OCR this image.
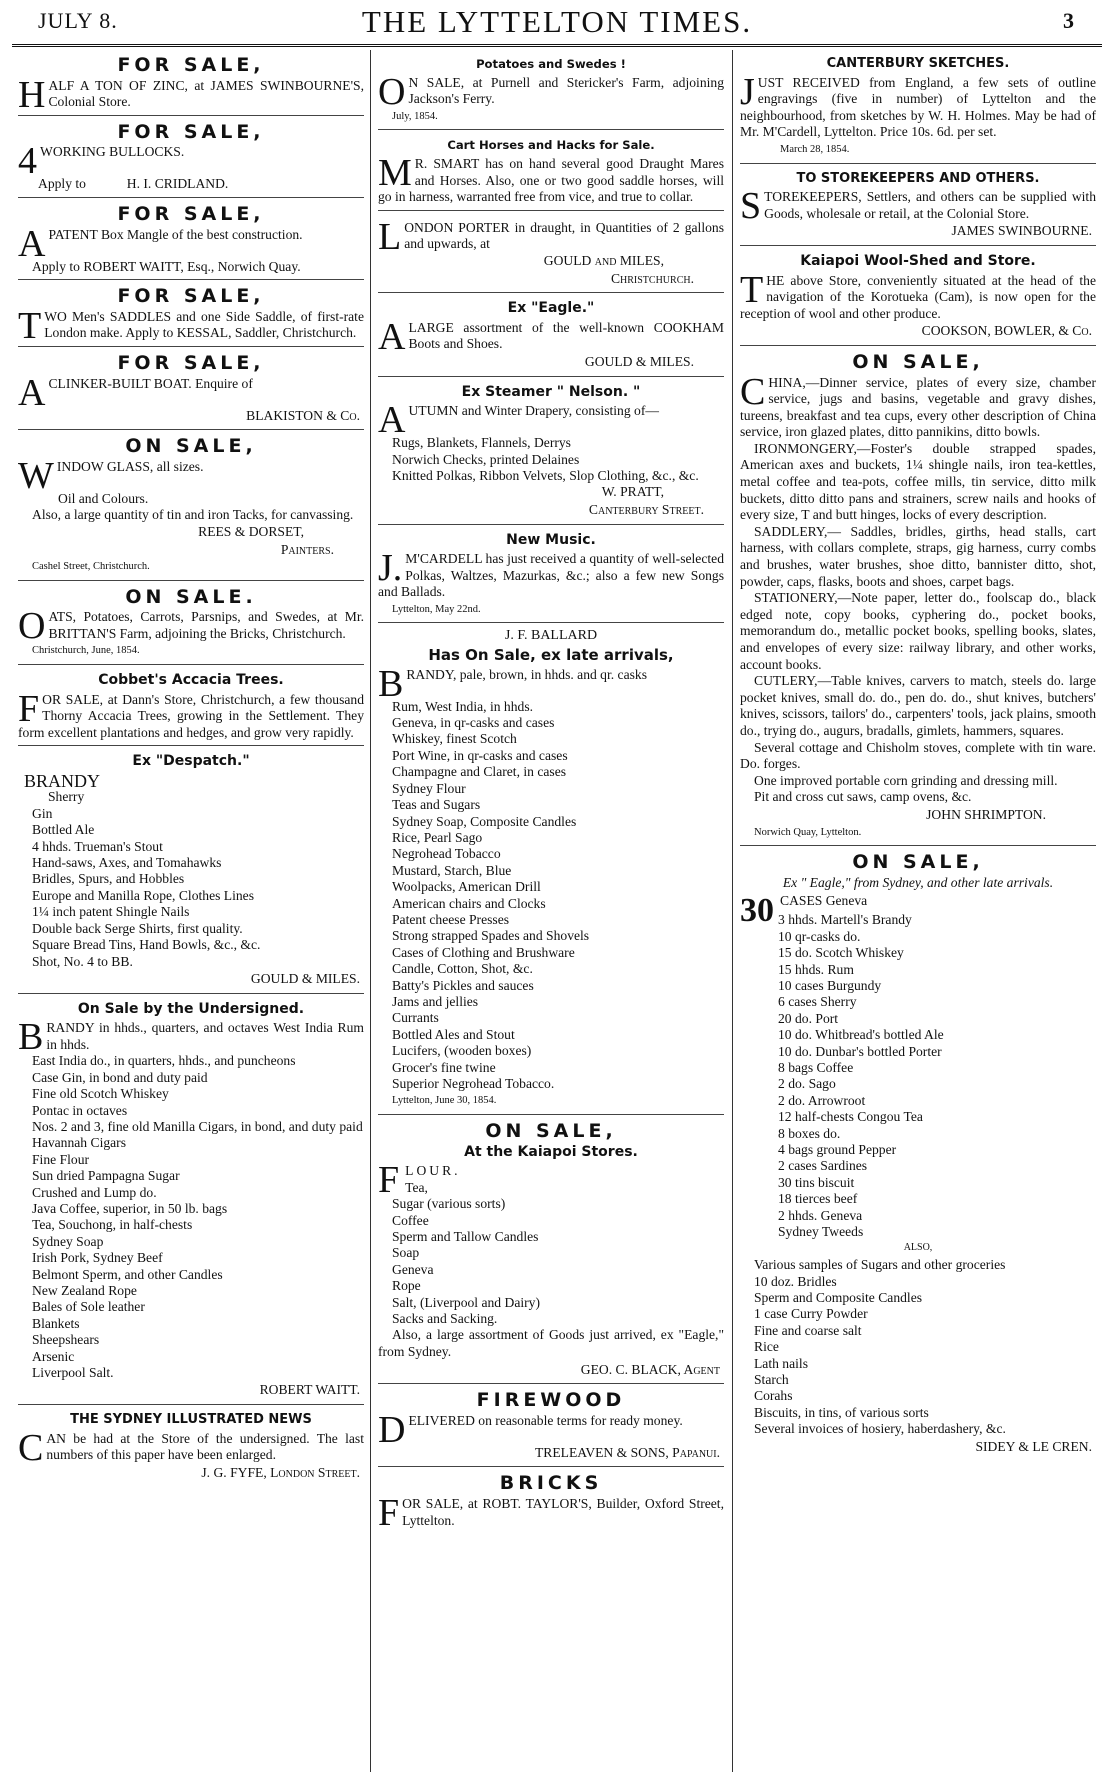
JULY 8.	THE LYTTELTON TIMES.	3
FOR SALE,

HALF A TON OF ZINC, at JAMES SWINBOURNE'S, Colonial Store.

FOR SALE,

4WORKING BULLOCKS.

Apply to	H. I. CRIDLAND.
FOR SALE,

APATENT Box Mangle of the best construction.

Apply to ROBERT WAITT, Esq., Norwich Quay.

FOR SALE,

TWO Men's SADDLES and one Side Saddle, of first-rate London make. Apply to KESSAL, Saddler, Christchurch.

FOR SALE,

ACLINKER-BUILT BOAT. Enquire of

BLAKISTON & Co.
ON SALE,

WINDOW GLASS, all sizes.

Oil and Colours.

Also, a large quantity of tin and iron Tacks, for canvassing.

REES & DORSET,
Painters.
Cashel Street, Christchurch.
ON SALE.

OATS, Potatoes, Carrots, Parsnips, and Swedes, at Mr. BRITTAN'S Farm, adjoining the Bricks, Christchurch.

Christchurch, June, 1854.
Cobbet's Accacia Trees.

FOR SALE, at Dann's Store, Christchurch, a few thousand Thorny Accacia Trees, growing in the Settlement. They form excellent plantations and hedges, and grow very rapidly.

Ex "Despatch."
BRANDY
Sherry
Gin
Bottled Ale
4 hhds. Trueman's Stout
Hand-saws, Axes, and Tomahawks
Bridles, Spurs, and Hobbles
Europe and Manilla Rope, Clothes Lines
1¼ inch patent Shingle Nails
Double back Serge Shirts, first quality.
Square Bread Tins, Hand Bowls, &c., &c.
Shot, No. 4 to BB.
GOULD & MILES.
On Sale by the Undersigned.

BRANDY in hhds., quarters, and octaves West India Rum in hhds.

East India do., in quarters, hhds., and puncheons
Case Gin, in bond and duty paid
Fine old Scotch Whiskey
Pontac in octaves
Nos. 2 and 3, fine old Manilla Cigars, in bond, and duty paid
Havannah Cigars
Fine Flour
Sun dried Pampagna Sugar
Crushed and Lump do.
Java Coffee, superior, in 50 lb. bags
Tea, Souchong, in half-chests
Sydney Soap
Irish Pork, Sydney Beef
Belmont Sperm, and other Candles
New Zealand Rope
Bales of Sole leather
Blankets
Sheepshears
Arsenic
Liverpool Salt.
ROBERT WAITT.
THE SYDNEY ILLUSTRATED NEWS

CAN be had at the Store of the undersigned. The last numbers of this paper have been enlarged.

J. G. FYFE, London Street.
Potatoes and Swedes !

ON SALE, at Purnell and Stericker's Farm, adjoining Jackson's Ferry.

July, 1854.
Cart Horses and Hacks for Sale.

MR. SMART has on hand several good Draught Mares and Horses. Also, one or two good saddle horses, will go in harness, warranted free from vice, and true to collar.

LONDON PORTER in draught, in Quantities of 2 gallons and upwards, at

GOULD and MILES,
Christchurch.
Ex "Eagle."

ALARGE assortment of the well-known COOKHAM Boots and Shoes.

GOULD & MILES.
Ex Steamer " Nelson. "

AUTUMN and Winter Drapery, consisting of—

Rugs, Blankets, Flannels, Derrys
Norwich Checks, printed Delaines
Knitted Polkas, Ribbon Velvets, Slop Clothing, &c., &c.
W. PRATT,
Canterbury Street.
New Music.

J.M'CARDELL has just received a quantity of well-selected Polkas, Waltzes, Mazurkas, &c.; also a few new Songs and Ballads.

Lyttelton, May 22nd.
J. F. BALLARD
Has On Sale, ex late arrivals,

BRANDY, pale, brown, in hhds. and qr. casks

Rum, West India, in hhds.
Geneva, in qr-casks and cases
Whiskey, finest Scotch
Port Wine, in qr-casks and cases
Champagne and Claret, in cases
Sydney Flour
Teas and Sugars
Sydney Soap, Composite Candles
Rice, Pearl Sago
Negrohead Tobacco
Mustard, Starch, Blue
Woolpacks, American Drill
American chairs and Clocks
Patent cheese Presses
Strong strapped Spades and Shovels
Cases of Clothing and Brushware
Candle, Cotton, Shot, &c.
Batty's Pickles and sauces
Jams and jellies
Currants
Bottled Ales and Stout
Lucifers, (wooden boxes)
Grocer's fine twine
Superior Negrohead Tobacco.
Lyttelton, June 30, 1854.
ON SALE,
At the Kaiapoi Stores.

FLOUR.

Tea,
Sugar (various sorts)
Coffee
Sperm and Tallow Candles
Soap
Geneva
Rope
Salt, (Liverpool and Dairy)
Sacks and Sacking.

Also, a large assortment of Goods just arrived, ex "Eagle," from Sydney.

GEO. C. BLACK, Agent
FIREWOOD

DELIVERED on reasonable terms for ready money.

TRELEAVEN & SONS, Papanui.
BRICKS

FOR SALE, at ROBT. TAYLOR'S, Builder, Oxford Street, Lyttelton.

CANTERBURY SKETCHES.

JUST RECEIVED from England, a few sets of outline engravings (five in number) of Lyttelton and the neighbourhood, from sketches by W. H. Holmes. May be had of Mr. M'Cardell, Lyttelton. Price 10s. 6d. per set.

March 28, 1854.
TO STOREKEEPERS AND OTHERS.

STOREKEEPERS, Settlers, and others can be supplied with Goods, wholesale or retail, at the Colonial Store.

JAMES SWINBOURNE.
Kaiapoi Wool-Shed and Store.

THE above Store, conveniently situated at the head of the navigation of the Korotueka (Cam), is now open for the reception of wool and other produce.

COOKSON, BOWLER, & Co.
ON SALE,

CHINA,—Dinner service, plates of every size, chamber service, jugs and basins, vegetable and gravy dishes, tureens, breakfast and tea cups, every other description of China service, iron glazed plates, ditto pannikins, ditto bowls.

IRONMONGERY,—Foster's double strapped spades, American axes and buckets, 1¼ shingle nails, iron tea-kettles, metal coffee and tea-pots, coffee mills, tin service, ditto milk buckets, ditto ditto pans and strainers, screw nails and hooks of every size, T and butt hinges, locks of every description.

SADDLERY,— Saddles, bridles, girths, head stalls, cart harness, with collars complete, straps, gig harness, curry combs and brushes, water brushes, shoe ditto, bannister ditto, shot, powder, caps, flasks, boots and shoes, carpet bags.

STATIONERY,—Note paper, letter do., foolscap do., black edged note, copy books, cyphering do., pocket books, memorandum do., metallic pocket books, spelling books, slates, and envelopes of every size: railway library, and other works, account books.

CUTLERY,—Table knives, carvers to match, steels do. large pocket knives, small do. do., pen do. do., shut knives, butchers' knives, scissors, tailors' do., carpenters' tools, jack plains, smooth do., trying do., augurs, bradalls, gimlets, hammers, squares.

Several cottage and Chisholm stoves, complete with tin ware. Do. forges.

One improved portable corn grinding and dressing mill.

Pit and cross cut saws, camp ovens, &c.

JOHN SHRIMPTON.
Norwich Quay, Lyttelton.
ON SALE,
Ex " Eagle," from Sydney, and other late arrivals.
30 CASES Geneva
3 hhds. Martell's Brandy
10 qr-casks do.
15 do. Scotch Whiskey
15 hhds. Rum
10 cases Burgundy
6 cases Sherry
20 do. Port
10 do. Whitbread's bottled Ale
10 do. Dunbar's bottled Porter
8 bags Coffee
2 do. Sago
2 do. Arrowroot
12 half-chests Congou Tea
8 boxes do.
4 bags ground Pepper
2 cases Sardines
30 tins biscuit
18 tierces beef
2 hhds. Geneva
Sydney Tweeds
ALSO,

Various samples of Sugars and other groceries

10 doz. Bridles
Sperm and Composite Candles
1 case Curry Powder
Fine and coarse salt
Rice
Lath nails
Starch
Corahs
Biscuits, in tins, of various sorts
Several invoices of hosiery, haberdashery, &c.
SIDEY & LE CREN.
